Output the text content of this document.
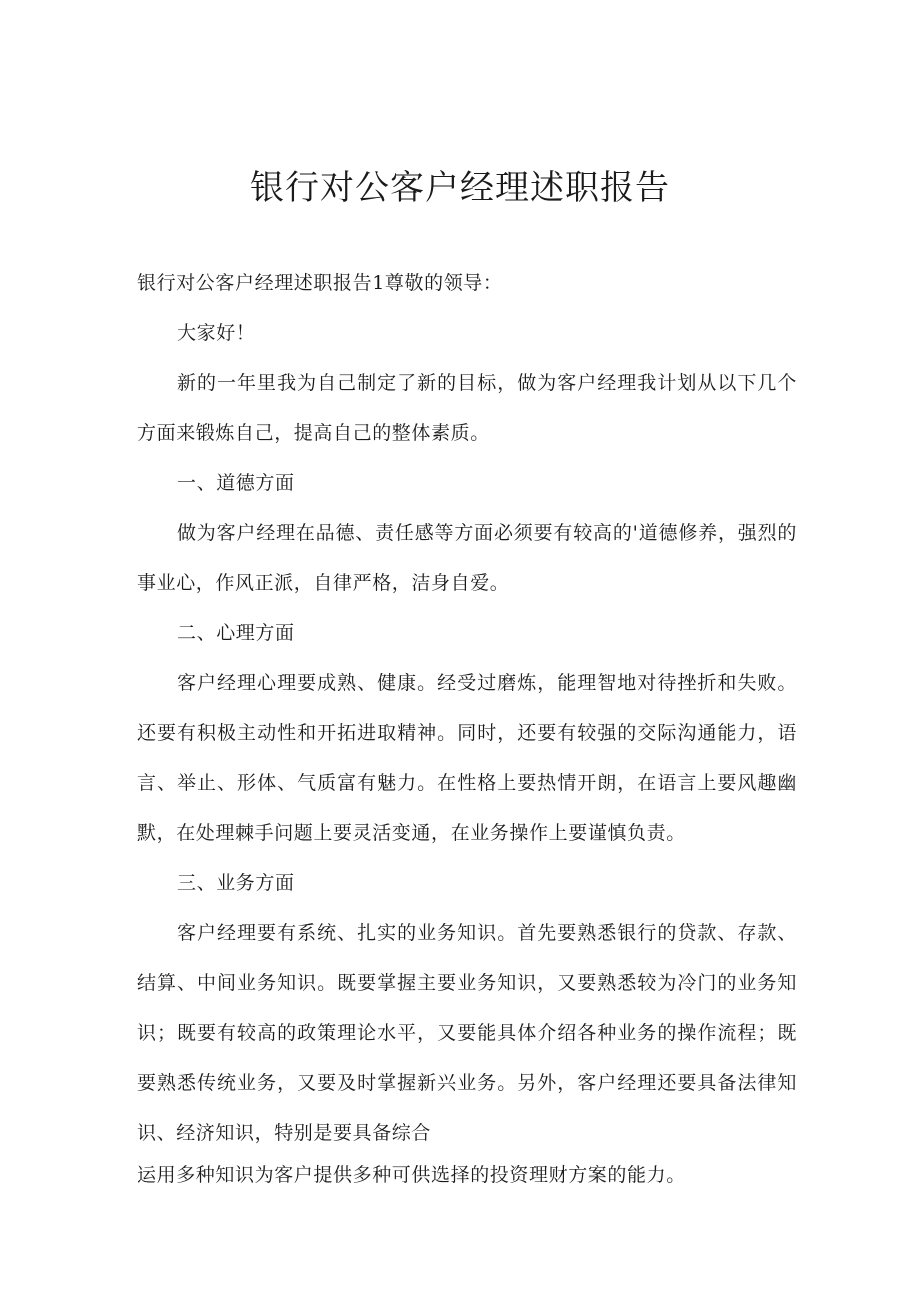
银行对公客户经理述职报告

银行对公客户经理述职报告1尊敬的领导：

大家好！

新的一年里我为自己制定了新的目标，做为客户经理我计划从以下几个方面来锻炼自己，提高自己的整体素质。

一、道德方面

做为客户经理在品德、责任感等方面必须要有较高的'道德修养，强烈的事业心，作风正派，自律严格，洁身自爱。

二、心理方面

客户经理心理要成熟、健康。经受过磨炼，能理智地对待挫折和失败。还要有积极主动性和开拓进取精神。同时，还要有较强的交际沟通能力，语言、举止、形体、气质富有魅力。在性格上要热情开朗，在语言上要风趣幽默，在处理棘手问题上要灵活变通，在业务操作上要谨慎负责。

三、业务方面

客户经理要有系统、扎实的业务知识。首先要熟悉银行的贷款、存款、结算、中间业务知识。既要掌握主要业务知识，又要熟悉较为冷门的业务知识；既要有较高的政策理论水平，又要能具体介绍各种业务的操作流程；既要熟悉传统业务，又要及时掌握新兴业务。另外，客户经理还要具备法律知识、经济知识，特别是要具备综合

运用多种知识为客户提供多种可供选择的投资理财方案的能力。
